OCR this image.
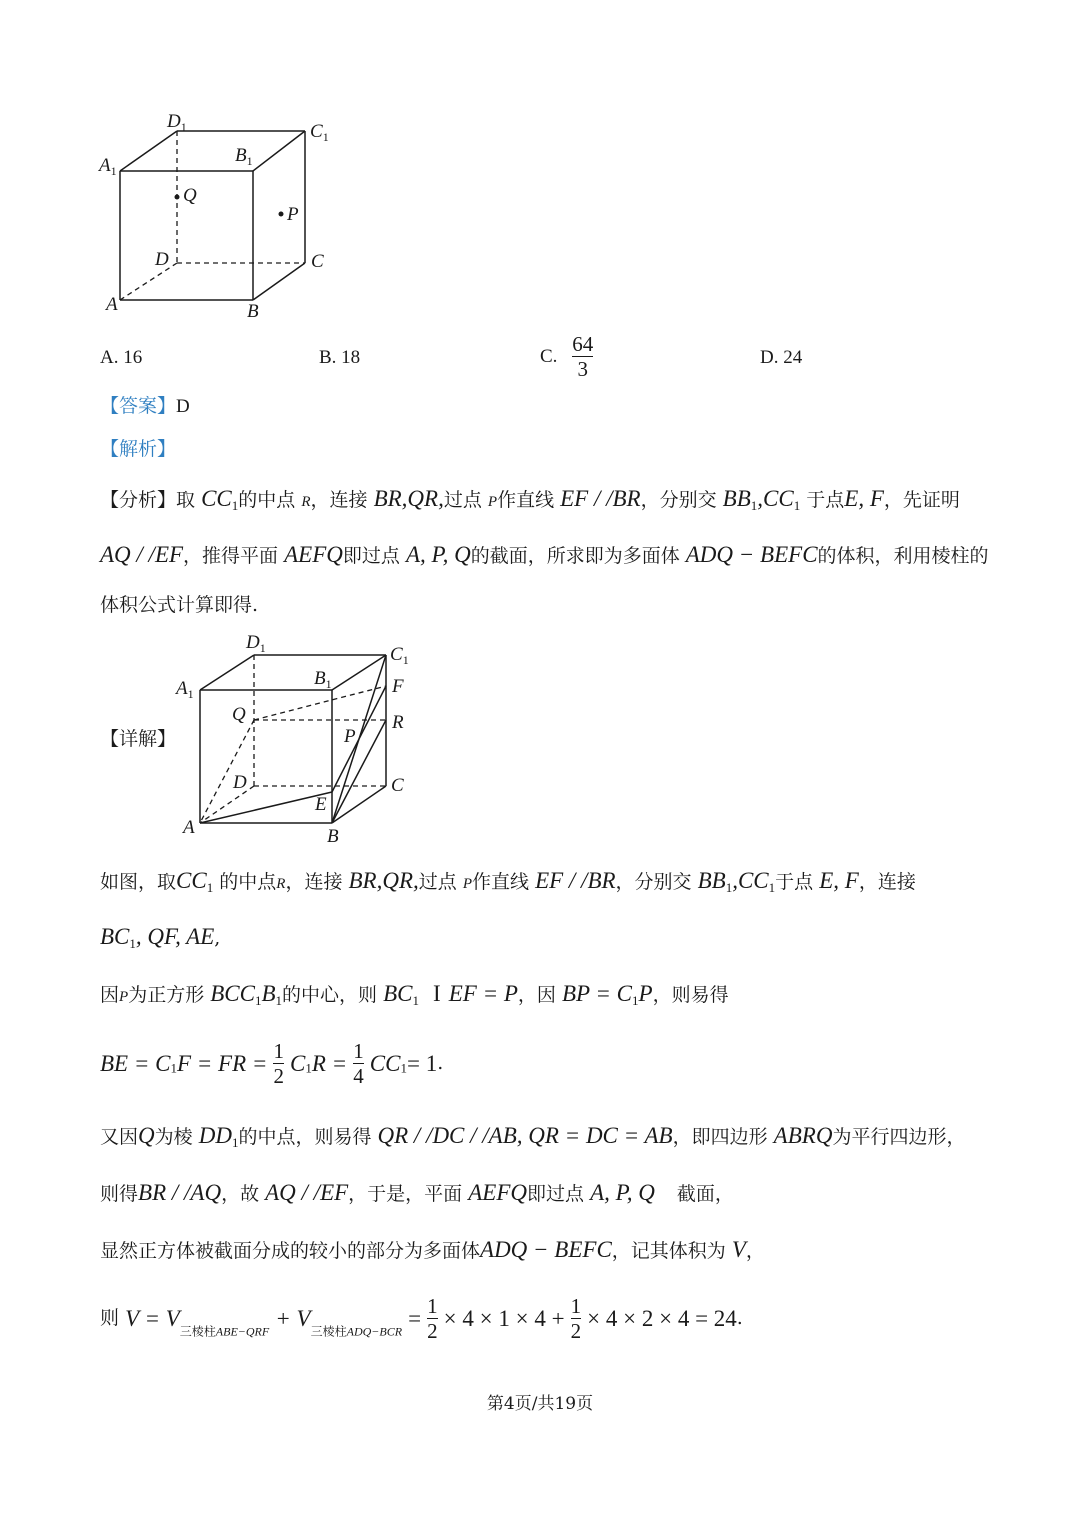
$D_1$	$C_1$
$A_1$
$B_1$
Q
P
D	C
A	B
A. 16	B. 18	C. $\frac{64}{3}$	D. 24
【答案】D
【解析】
【分析】取 $CC_1$的中点 R，连接 BR,QR,过点 P作直线 EF / /BR，分别交 $BB_1,CC_1$ 于点E, F，先证明
AQ / /EF，推得平面 AEFQ即过点 A, P, Q的截面，所求即为多面体 ADQ − BEFC的体积，利用棱柱的
体积公式计算即得.
【详解】
$D_1$	$C_1$
$A_1$
$B_1$	F
Q	R
P
D	C
E
A	B
如图，取$CC_1$ 的中点R，连接 BR,QR,过点 P作直线 EF / /BR，分别交 $BB_1,CC_1$于点 E, F，连接
$BC_1$, QF, AE,
因P为正方形 $BCC_1B_1$的中心，则 $BC_1$ I EF = P，因 BP = $C_1P$，则易得
BE = $C_1F$ = FR = $\frac{1}{2} C_1R = \frac{1}{4} CC_1= 1$.
又因Q为棱 $DD_1$的中点，则易得 QR / /DC / /AB, QR = DC = AB，即四边形 ABRQ为平行四边形，
则得BR / /AQ，故 AQ / /EF，于是，平面 AEFQ即过点 A, P, Q 截面，
显然正方体被截面分成的较小的部分为多面体ADQ − BEFC，记其体积为 V，
则 $V = V_{三棱柱ABE-QRF} + V_{三棱柱ADQ-BCR} = \frac{1}{2} \times 4 \times 1 \times 4 + \frac{1}{2} \times 4 \times 2 \times 4 = 24$.
第4页/共19页
